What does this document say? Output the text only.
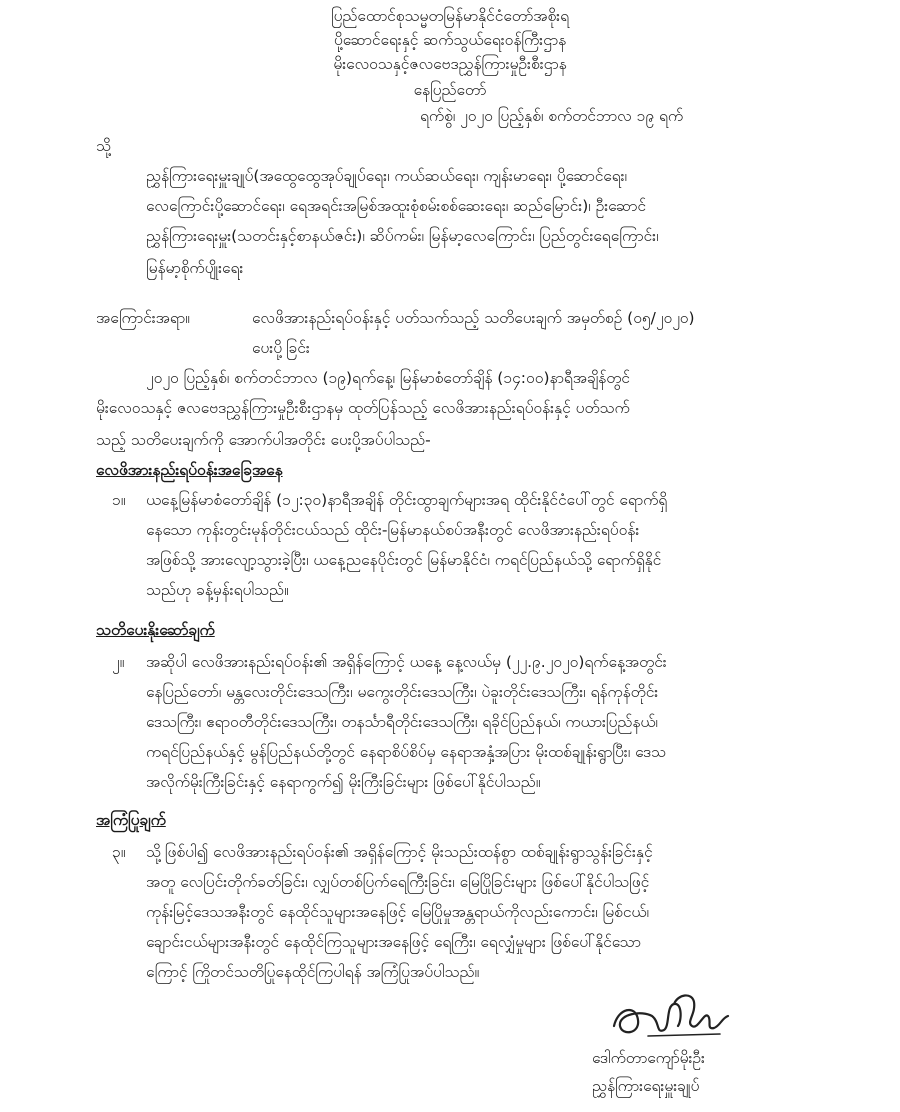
ပြည်ထောင်စုသမ္မတမြန်မာနိုင်ငံတော်အစိုးရ
ပို့ဆောင်ရေးနှင့် ဆက်သွယ်ရေးဝန်ကြီးဌာန
မိုးလေဝသနှင့်ဇလဗေဒညွှန်ကြားမှုဦးစီးဌာန
နေပြည်တော်
ရက်စွဲ၊ ၂၀၂၀ ပြည့်နှစ်၊ စက်တင်ဘာလ ၁၉ ရက်
သို့
ညွှန်ကြားရေးမှူးချုပ်(အထွေထွေအုပ်ချုပ်ရေး၊ ကယ်ဆယ်ရေး၊ ကျန်းမာရေး၊ ပို့ဆောင်ရေး၊
လေကြောင်းပို့ဆောင်ရေး၊ ရေအရင်းအမြစ်အထူးစုံစမ်းစစ်ဆေးရေး၊ ဆည်မြောင်း)၊ ဦးဆောင်
ညွှန်ကြားရေးမှူး(သတင်းနှင့်စာနယ်ဇင်း)၊ ဆိပ်ကမ်း၊ မြန်မာ့လေကြောင်း၊ ပြည်တွင်းရေကြောင်း၊
မြန်မာ့စိုက်ပျိုးရေး
အကြောင်းအရာ။	လေဖိအားနည်းရပ်ဝန်းနှင့် ပတ်သက်သည့် သတိပေးချက် အမှတ်စဉ် (၀၅/၂၀၂၀)
ပေးပို့ခြင်း
၂၀၂၀ ပြည့်နှစ်၊ စက်တင်ဘာလ (၁၉)ရက်နေ့၊ မြန်မာစံတော်ချိန် (၁၄:၀၀)နာရီအချိန်တွင်
မိုးလေဝသနှင့် ဇလဗေဒညွှန်ကြားမှုဦးစီးဌာနမှ ထုတ်ပြန်သည့် လေဖိအားနည်းရပ်ဝန်းနှင့် ပတ်သက်
သည့် သတိပေးချက်ကို အောက်ပါအတိုင်း ပေးပို့အပ်ပါသည်-
လေဖိအားနည်းရပ်ဝန်းအခြေအနေ
၁။ ယနေ့မြန်မာစံတော်ချိန် (၁၂:၃၀)နာရီအချိန် တိုင်းထွာချက်များအရ ထိုင်းနိုင်ငံပေါ်တွင် ရောက်ရှိ
နေသော ကုန်းတွင်းမုန်တိုင်းငယ်သည် ထိုင်း-မြန်မာနယ်စပ်အနီးတွင် လေဖိအားနည်းရပ်ဝန်း
အဖြစ်သို့ အားလျော့သွားခဲ့ပြီး၊ ယနေ့ညနေပိုင်းတွင် မြန်မာနိုင်ငံ၊ ကရင်ပြည်နယ်သို့ ရောက်ရှိနိုင်
သည်ဟု ခန့်မှန်းရပါသည်။
သတိပေးနိုးဆော်ချက်
၂။ အဆိုပါ လေဖိအားနည်းရပ်ဝန်း၏ အရှိန်ကြောင့် ယနေ့ နေ့လယ်မှ (၂၂.၉.၂၀၂၀)ရက်နေ့အတွင်း
နေပြည်တော်၊ မန္တလေးတိုင်းဒေသကြီး၊ မကွေးတိုင်းဒေသကြီး၊ ပဲခူးတိုင်းဒေသကြီး၊ ရန်ကုန်တိုင်း
ဒေသကြီး၊ ဧရာဝတီတိုင်းဒေသကြီး၊ တနင်္သာရီတိုင်းဒေသကြီး၊ ရခိုင်ပြည်နယ်၊ ကယားပြည်နယ်၊
ကရင်ပြည်နယ်နှင့် မွန်ပြည်နယ်တို့တွင် နေရာစိပ်စိပ်မှ နေရာအနှံ့အပြား မိုးထစ်ချုန်းရွာပြီး၊ ဒေသ
အလိုက်မိုးကြီးခြင်းနှင့် နေရာကွက်၍ မိုးကြီးခြင်းများ ဖြစ်ပေါ်နိုင်ပါသည်။
အကြံပြုချက်
၃။ သို့ဖြစ်ပါ၍ လေဖိအားနည်းရပ်ဝန်း၏ အရှိန်ကြောင့် မိုးသည်းထန်စွာ ထစ်ချုန်းရွာသွန်းခြင်းနှင့်
အတူ လေပြင်းတိုက်ခတ်ခြင်း၊ လျှပ်တစ်ပြက်ရေကြီးခြင်း၊ မြေပြိုခြင်းများ ဖြစ်ပေါ်နိုင်ပါသဖြင့်
ကုန်းမြင့်ဒေသအနီးတွင် နေထိုင်သူများအနေဖြင့် မြေပြိုမှုအန္တရာယ်ကိုလည်းကောင်း၊ မြစ်ငယ်၊
ချောင်းငယ်များအနီးတွင် နေထိုင်ကြသူများအနေဖြင့် ရေကြီး၊ ရေလျှံမှုများ ဖြစ်ပေါ်နိုင်သော
ကြောင့် ကြိုတင်သတိပြုနေထိုင်ကြပါရန် အကြံပြုအပ်ပါသည်။
ဒေါက်တာကျော်မိုးဦး
ညွှန်ကြားရေးမှူးချုပ်
